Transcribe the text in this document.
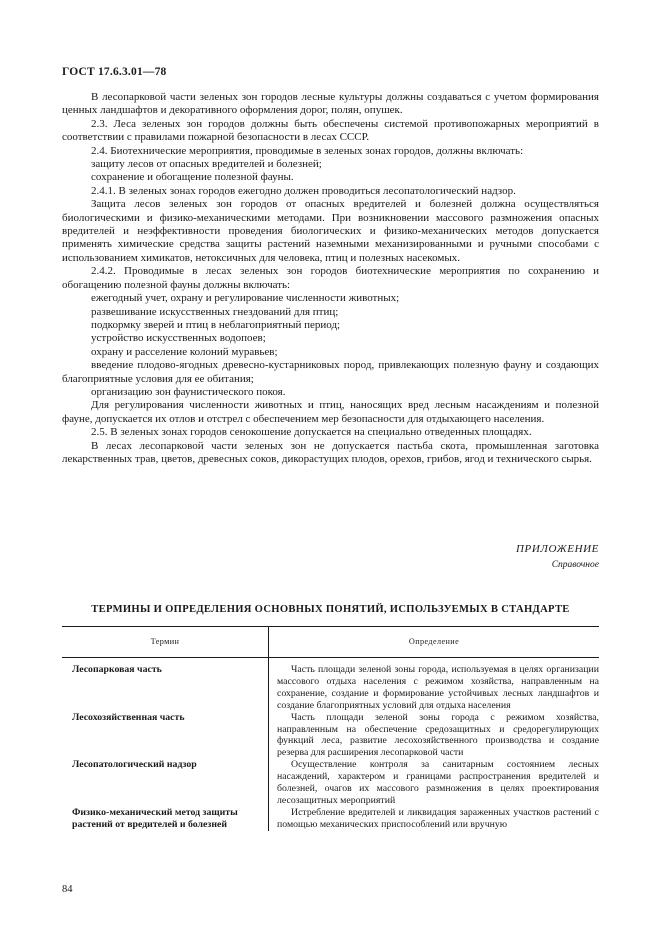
ГОСТ 17.6.3.01—78

В лесопарковой части зеленых зон городов лесные культуры должны создаваться с учетом формирования ценных ландшафтов и декоративного оформления дорог, полян, опушек.

2.3. Леса зеленых зон городов должны быть обеспечены системой противопожарных мероприятий в соответствии с правилами пожарной безопасности в лесах СССР.

2.4. Биотехнические мероприятия, проводимые в зеленых зонах городов, должны включать:

защиту лесов от опасных вредителей и болезней;

сохранение и обогащение полезной фауны.

2.4.1. В зеленых зонах городов ежегодно должен проводиться лесопатологический надзор.

Защита лесов зеленых зон городов от опасных вредителей и болезней должна осуществляться биологическими и физико-механическими методами. При возникновении массового размножения опасных вредителей и неэффективности проведения биологических и физико-механических методов допускается применять химические средства защиты растений наземными механизированными и ручными способами с использованием химикатов, нетоксичных для человека, птиц и полезных насекомых.

2.4.2. Проводимые в лесах зеленых зон городов биотехнические мероприятия по сохранению и обогащению полезной фауны должны включать:

ежегодный учет, охрану и регулирование численности животных;

развешивание искусственных гнездований для птиц;

подкормку зверей и птиц в неблагоприятный период;

устройство искусственных водопоев;

охрану и расселение колоний муравьев;

введение плодово-ягодных древесно-кустарниковых пород, привлекающих полезную фауну и создающих благоприятные условия для ее обитания;

организацию зон фаунистического покоя.

Для регулирования численности животных и птиц, наносящих вред лесным насаждениям и полезной фауне, допускается их отлов и отстрел с обеспечением мер безопасности для отдыхающего населения.

2.5. В зеленых зонах городов сенокошение допускается на специально отведенных площадях.

В лесах лесопарковой части зеленых зон не допускается пастьба скота, промышленная заготовка лекарственных трав, цветов, древесных соков, дикорастущих плодов, орехов, грибов, ягод и технического сырья.

ПРИЛОЖЕНИЕ
Справочное
ТЕРМИНЫ И ОПРЕДЕЛЕНИЯ ОСНОВНЫХ ПОНЯТИЙ, ИСПОЛЬЗУЕМЫХ В СТАНДАРТЕ
Термин	Определение
Лесопарковая часть	Часть площади зеленой зоны города, используемая в целях организации массового отдыха населения с режимом хозяйства, направленным на сохранение, создание и формирование устойчивых лесных ландшафтов и создание благоприятных условий для отдыха населения

Лесохозяйственная часть	Часть площади зеленой зоны города с режимом хозяйства, направленным на обеспечение средозащитных и средорегулирующих функций леса, развитие лесохозяйственного производства и создание резерва для расширения лесопарковой части

Лесопатологический надзор	Осуществление контроля за санитарным состоянием лесных насаждений, характером и границами распространения вредителей и болезней, очагов их массового размножения в целях проектирования лесозащитных мероприятий

Физико-механический метод защиты растений от вредителей и болезней	Истребление вредителей и ликвидация зараженных участков растений с помощью механических приспособлений или вручную
84
